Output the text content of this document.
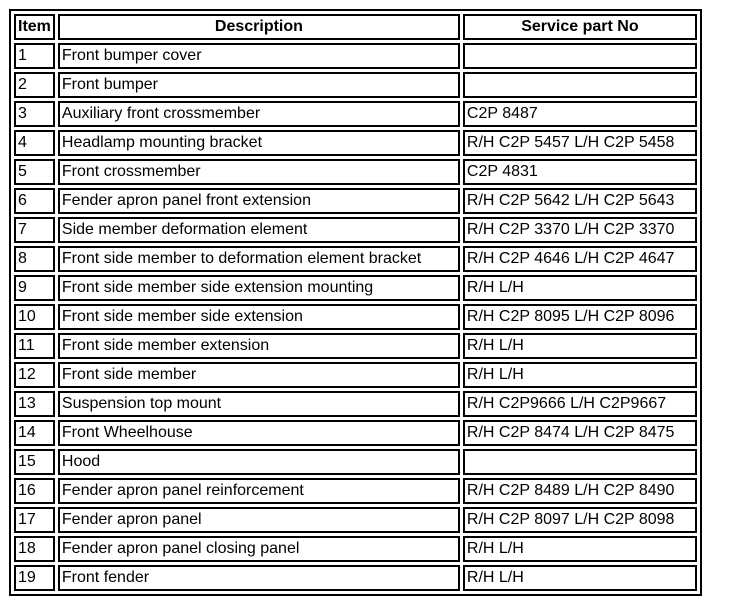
Item	Description	Service part No
1	Front bumper cover	
2	Front bumper	
3	Auxiliary front crossmember	C2P 8487
4	Headlamp mounting bracket	R/H C2P 5457 L/H C2P 5458
5	Front crossmember	C2P 4831
6	Fender apron panel front extension	R/H C2P 5642 L/H C2P 5643
7	Side member deformation element	R/H C2P 3370 L/H C2P 3370
8	Front side member to deformation element bracket	R/H C2P 4646 L/H C2P 4647
9	Front side member side extension mounting	R/H L/H
10	Front side member side extension	R/H C2P 8095 L/H C2P 8096
11	Front side member extension	R/H L/H
12	Front side member	R/H L/H
13	Suspension top mount	R/H C2P9666 L/H C2P9667
14	Front Wheelhouse	R/H C2P 8474 L/H C2P 8475
15	Hood	
16	Fender apron panel reinforcement	R/H C2P 8489 L/H C2P 8490
17	Fender apron panel	R/H C2P 8097 L/H C2P 8098
18	Fender apron panel closing panel	R/H L/H
19	Front fender	R/H L/H
